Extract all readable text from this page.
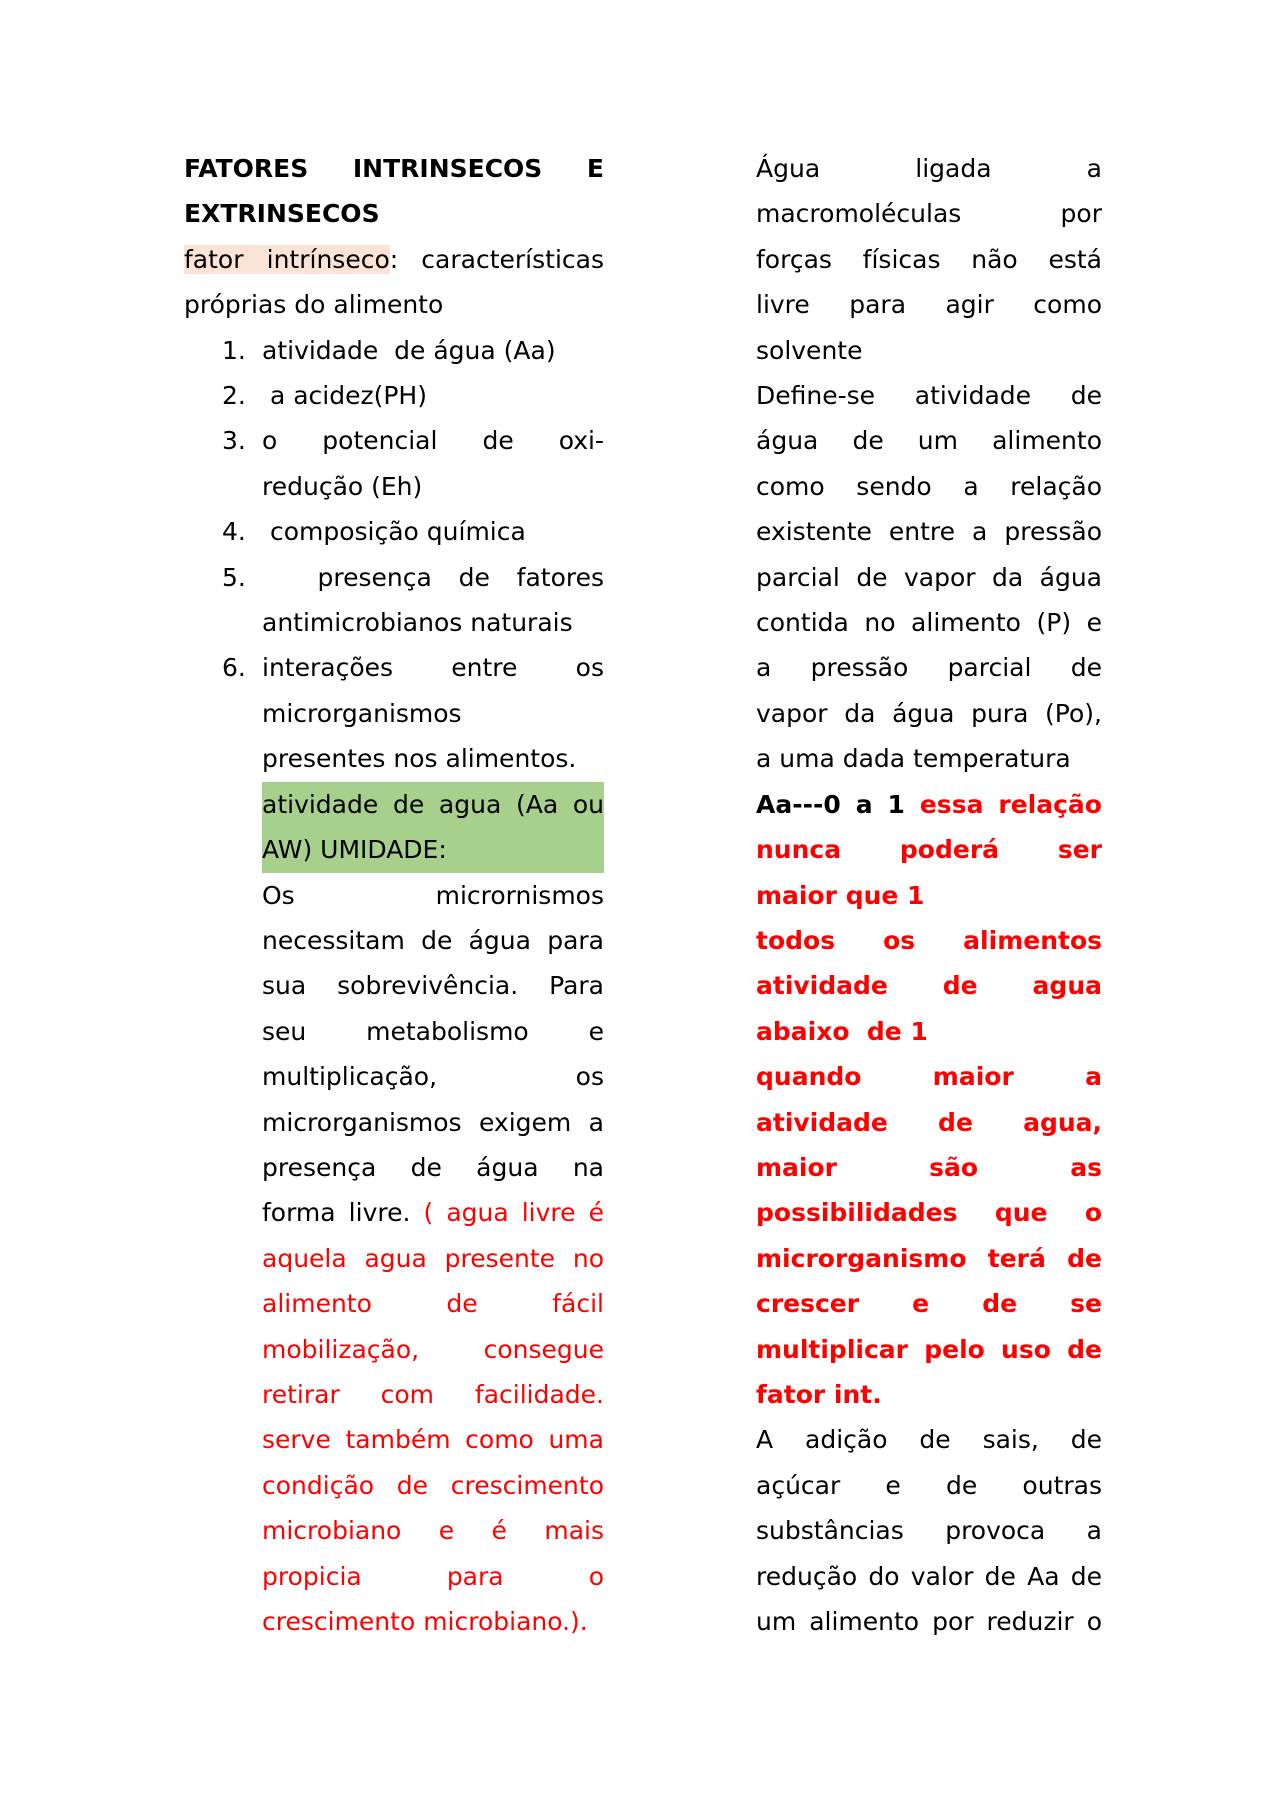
FATORES INTRINSECOS E
EXTRINSECOS

fator intrínseco: características
próprias do alimento

1. atividade  de água (Aa)
2. a acidez(PH)
3. o potencial de oxi-
redução (Eh)
4. composição química
5. presença de fatores
antimicrobianos naturais
6. interações entre os
microrganismos
presentes nos alimentos.
atividade de agua (Aa ou
AW) UMIDADE:

Os micrornismos
necessitam de água para
sua sobrevivência. Para
seu metabolismo e
multiplicação, os
microrganismos exigem a
presença de água na
forma livre. ( agua livre é
aquela agua presente no
alimento de fácil
mobilização, consegue
retirar com facilidade.
serve também como uma
condição de crescimento
microbiano e é mais
propicia para o
crescimento microbiano.).

Água ligada a
macromoléculas por
forças físicas não está
livre para agir como
solvente

Define-se atividade de
água de um alimento
como sendo a relação
existente entre a pressão
parcial de vapor da água
contida no alimento (P) e
a pressão parcial de
vapor da água pura (Po),
a uma dada temperatura

Aa---0 a 1 essa relação
nunca poderá ser
maior que 1
todos os alimentos
atividade de agua
abaixo  de 1
quando maior a
atividade de agua,
maior são as
possibilidades que o
microrganismo terá de
crescer e de se
multiplicar pelo uso de
fator int.

A adição de sais, de
açúcar e de outras
substâncias provoca a
redução do valor de Aa de
um alimento por reduzir o
